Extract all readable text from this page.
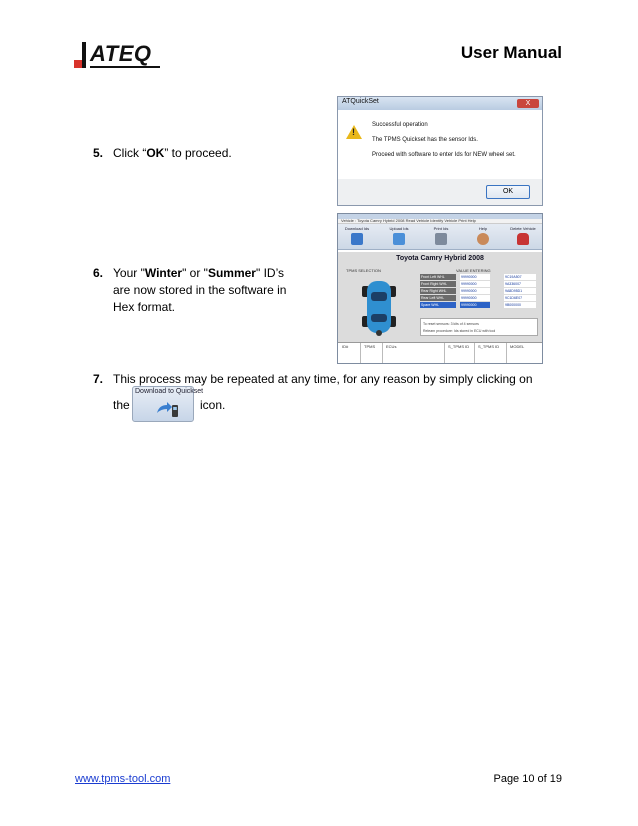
ATEQ	User Manual
5. Click “OK” to proceed.
6. Your "Winter" or "Summer" ID’s
are now stored in the software in
Hex format.
7. This process may be repeated at any time, for any reason by simply clicking on
the	icon.
Download to Quickset
ATQuickSet	X
!
Successful operation
The TPMS Quickset has the sensor Ids.
Proceed with software to enter Ids for NEW wheel set.
OK
Vehicle : Toyota Camry Hybrid 2008 Read Vehicle Identify Vehicle Print Help
Download Ids	Upload Ids	Print Ids	Help	Delete Vehicle
Toyota Camry Hybrid 2008
TPMS SELECTION	VALUE ENTERING
Front Left WHL	99990000	9C19A507
Front Right WHL	99990000	9A336007
Rear Right WHL	99990000	9A8D95D1
Rear Left WHL	99990000	9C1D6E07
Spare WHL	99990000	9B000000
To reset sensors: 3 kits of 4 sensors
Relearn procedure: Ids stored in ECU with tool
ID#	TPMS	ECUs	S_TPMS ID S_TPMS ID	MODEL
www.tpms-tool.com	Page 10 of 19
